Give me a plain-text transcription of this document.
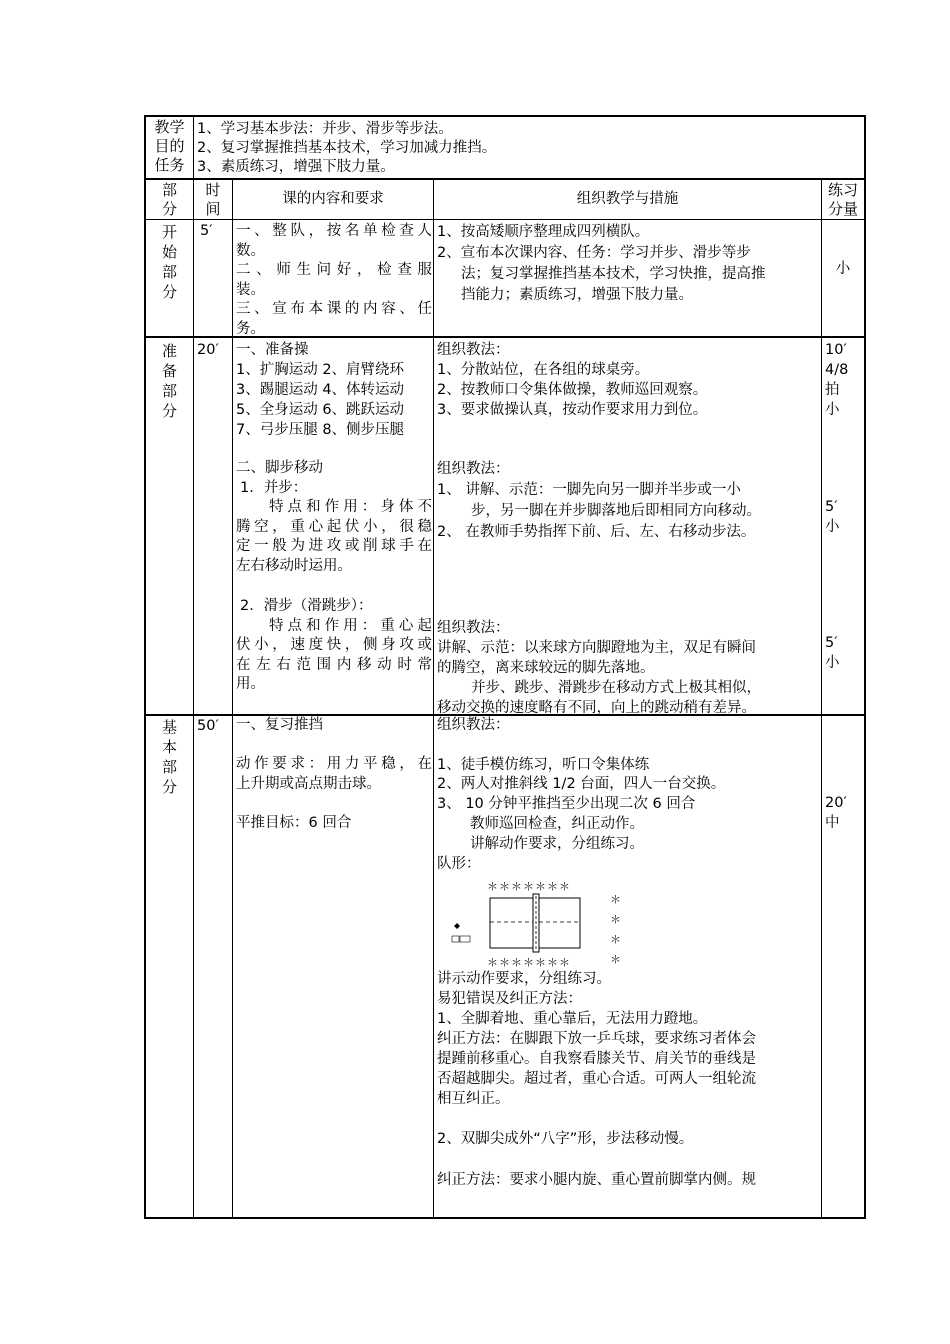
教学
目的
任务
1、学习基本步法：并步、滑步等步法。
2、复习掌握推挡基本技术，学习加减力推挡。
3、素质练习，增强下肢力量。
部
分
时
间
课的内容和要求	组织教学与措施	练习
分量
开
始
部
分
5′ 一、整队，按名单检查人
数。
二、师生问好，检查服
装。
三、宣布本课的内容、任
务。
1、按高矮顺序整理成四列横队。
2、宣布本次课内容、任务：学习并步、滑步等步
法；复习掌握推挡基本技术，学习快推，提高推
挡能力；素质练习，增强下肢力量。
小
准
备
部
分
20′ 一、准备操
1、扩胸运动 2、肩臂绕环
3、踢腿运动 4、体转运动
5、全身运动 6、跳跃运动
7、弓步压腿 8、侧步压腿
二、脚步移动
1．并步：
特点和作用：身体不
腾空，重心起伏小，很稳
定一般为进攻或削球手在
左右移动时运用。
2．滑步（滑跳步）：
特点和作用：重心起
伏小，速度快，侧身攻或
在左右范围内移动时常
用。
组织教法：
1、分散站位，在各组的球桌旁。
2、按教师口令集体做操，教师巡回观察。
3、要求做操认真，按动作要求用力到位。
组织教法：
1、 讲解、示范：一脚先向另一脚并半步或一小
步，另一脚在并步脚落地后即相同方向移动。
2、 在教师手势指挥下前、后、左、右移动步法。
组织教法：
讲解、示范：以来球方向脚蹬地为主，双足有瞬间
的腾空，离来球较远的脚先落地。
并步、跳步、滑跳步在移动方式上极其相似，
移动交换的速度略有不同，向上的跳动稍有差异。
10′
4/8
拍
小
5′
小
5′
小
基
本
部
分
50′ 一、复习推挡
动作要求：用力平稳，在
上升期或高点期击球。
平推目标：6 回合
组织教法：

1、徒手模仿练习，听口令集体练
2、两人对推斜线 1/2 台面，四人一台交换。
3、 10 分钟平推挡至少出现二次 6 回合
教师巡回检查，纠正动作。
讲解动作要求，分组练习。
队形：
＊＊＊＊＊＊＊
＊＊＊＊＊＊＊
＊
＊
＊
＊
讲示动作要求，分组练习。
易犯错误及纠正方法：
1、全脚着地、重心靠后，无法用力蹬地。
纠正方法：在脚跟下放一乒乓球，要求练习者体会
提踵前移重心。自我察看膝关节、肩关节的垂线是
否超越脚尖。超过者，重心合适。可两人一组轮流
相互纠正。
2、双脚尖成外“八字”形，步法移动慢。
纠正方法：要求小腿内旋、重心置前脚掌内侧。规
20′
中
